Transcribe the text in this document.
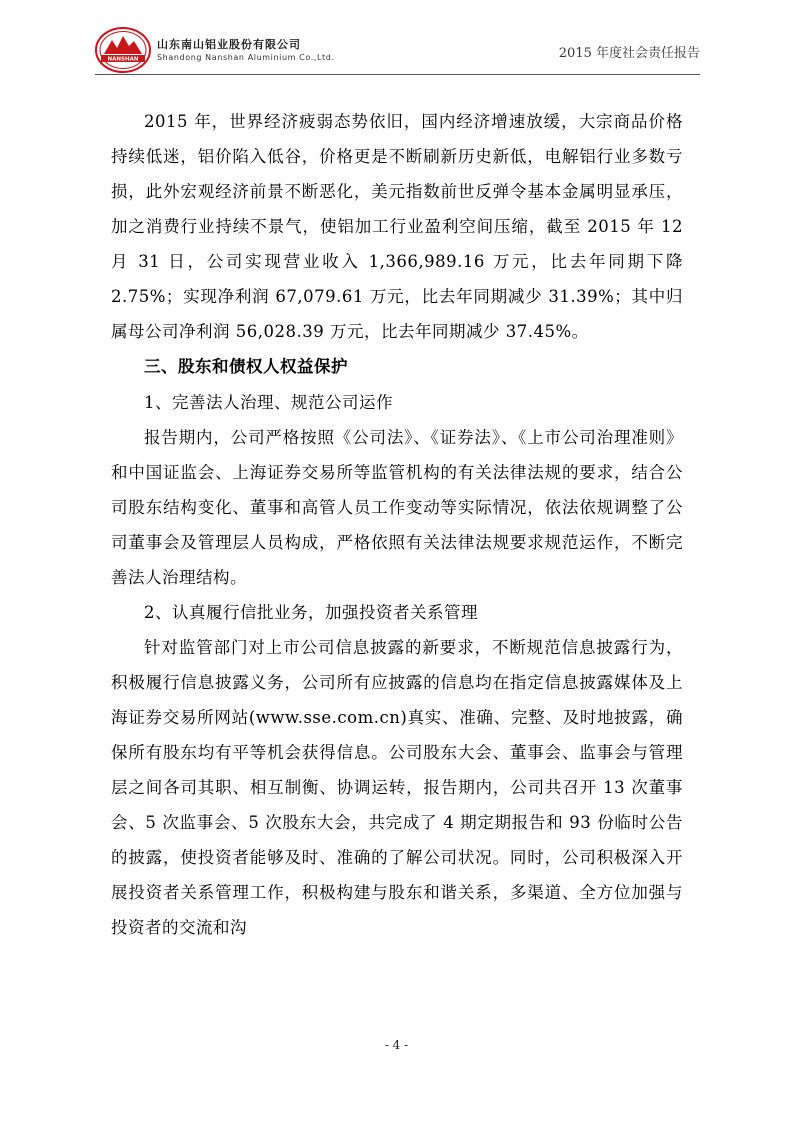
NANSHAN
山东南山铝业股份有限公司
Shandong Nanshan Aluminium Co.,Ltd.	2015 年度社会责任报告

2015 年，世界经济疲弱态势依旧，国内经济增速放缓，大宗商品价格持续低迷，铝价陷入低谷，价格更是不断刷新历史新低，电解铝行业多数亏损，此外宏观经济前景不断恶化，美元指数前世反弹令基本金属明显承压，加之消费行业持续不景气，使铝加工行业盈利空间压缩，截至 2015 年 12 月 31 日，公司实现营业收入 1,366,989.16 万元，比去年同期下降 2.75%；实现净利润 67,079.61 万元，比去年同期减少 31.39%；其中归属母公司净利润 56,028.39 万元，比去年同期减少 37.45%。

三、股东和债权人权益保护

1、完善法人治理、规范公司运作

报告期内，公司严格按照《公司法》、《证券法》、《上市公司治理准则》和中国证监会、上海证券交易所等监管机构的有关法律法规的要求，结合公司股东结构变化、董事和高管人员工作变动等实际情况，依法依规调整了公司董事会及管理层人员构成，严格依照有关法律法规要求规范运作，不断完善法人治理结构。

2、认真履行信批业务，加强投资者关系管理

针对监管部门对上市公司信息披露的新要求，不断规范信息披露行为，积极履行信息披露义务，公司所有应披露的信息均在指定信息披露媒体及上海证券交易所网站(www.sse.com.cn)真实、准确、完整、及时地披露，确保所有股东均有平等机会获得信息。公司股东大会、董事会、监事会与管理层之间各司其职、相互制衡、协调运转，报告期内，公司共召开 13 次董事会、5 次监事会、5 次股东大会，共完成了 4 期定期报告和 93 份临时公告的披露，使投资者能够及时、准确的了解公司状况。同时，公司积极深入开展投资者关系管理工作，积极构建与股东和谐关系，多渠道、全方位加强与投资者的交流和沟

- 4 -
